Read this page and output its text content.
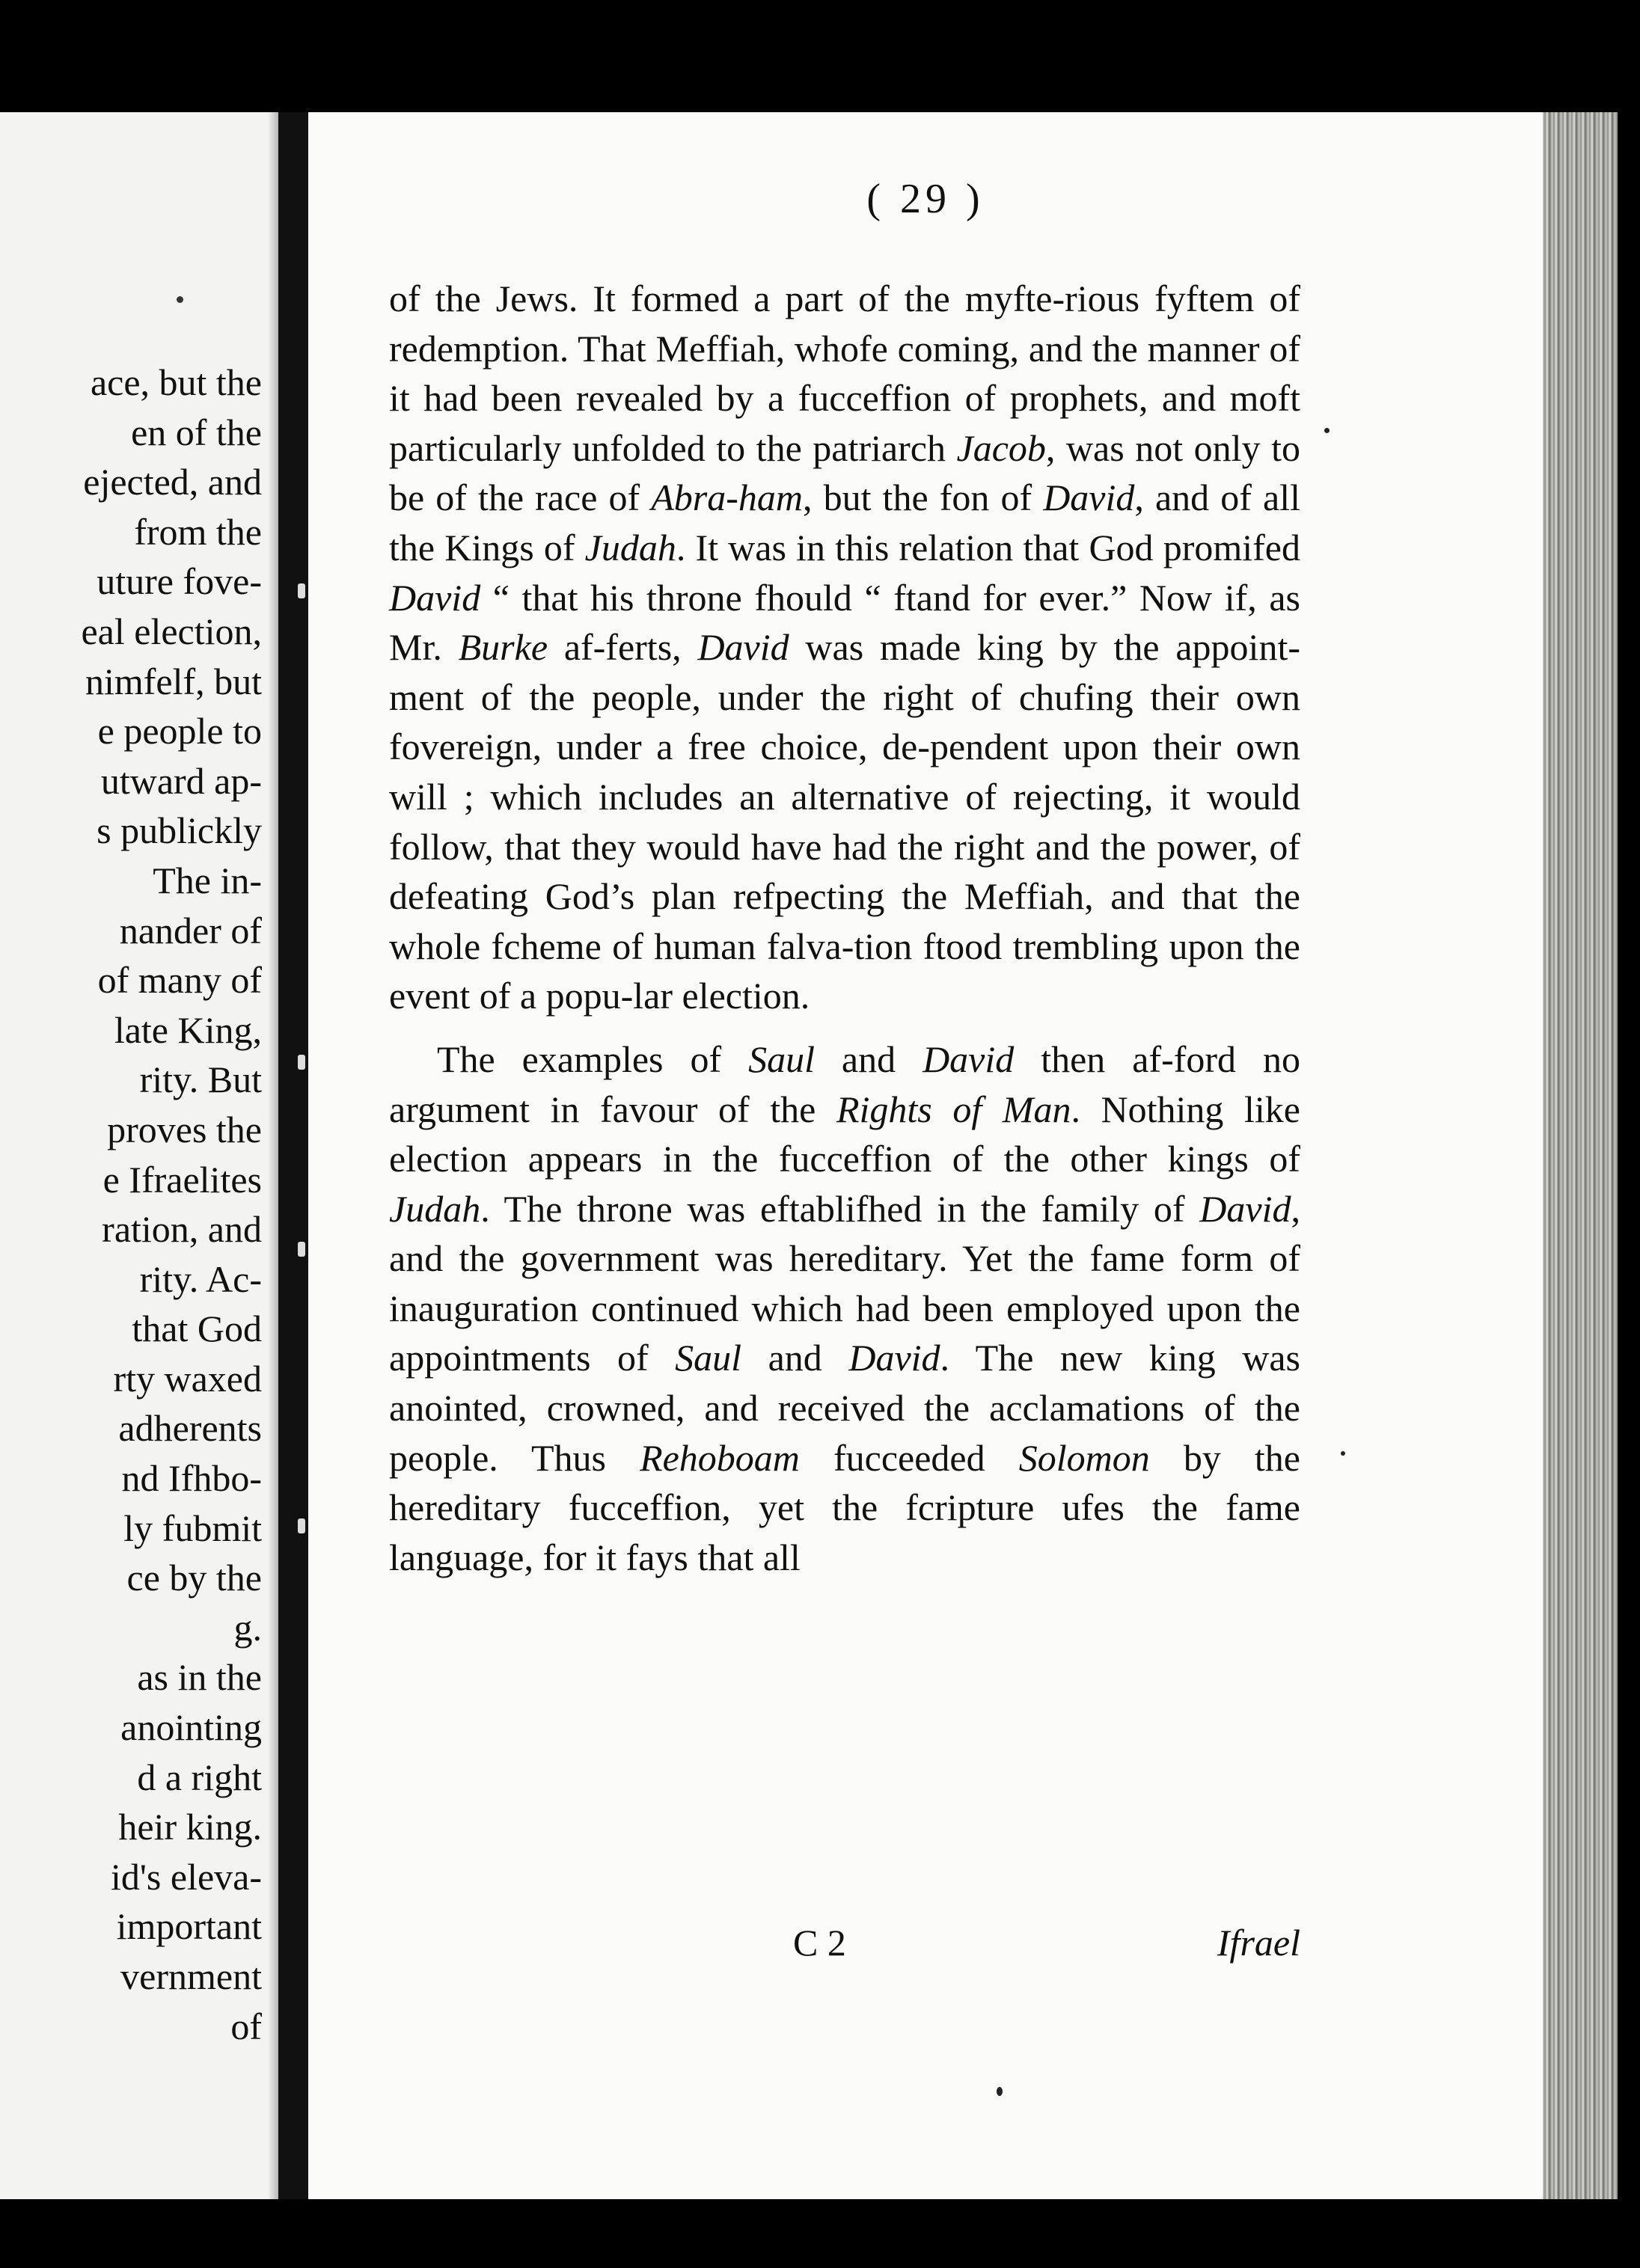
ace, but the
en of the
ejected, and
from the
uture fove-
eal election,
nimfelf, but
e people to
utward ap-
s publickly
The in-
nander of
of many of
late King,
rity. But
proves the
e Ifraelites
ration, and
rity. Ac-
that God
rty waxed
adherents
nd Ifhbo-
ly fubmit
ce by the
g.
as in the
anointing
d a right
heir king.
id's eleva-
important
vernment
of
( 29 )

of the Jews. It formed a part of the myfte-rious fyftem of redemption. That Meffiah, whofe coming, and the manner of it had been revealed by a fucceffion of prophets, and moft particularly unfolded to the patriarch Jacob, was not only to be of the race of Abra-ham, but the fon of David, and of all the Kings of Judah. It was in this relation that God promifed David “ that his throne fhould “ ftand for ever.” Now if, as Mr. Burke af-ferts, David was made king by the appoint-ment of the people, under the right of chufing their own fovereign, under a free choice, de-pendent upon their own will ; which includes an alternative of rejecting, it would follow, that they would have had the right and the power, of defeating God’s plan refpecting the Meffiah, and that the whole fcheme of human falva-tion ftood trembling upon the event of a popu-lar election.

The examples of Saul and David then af-ford no argument in favour of the Rights of Man. Nothing like election appears in the fucceffion of the other kings of Judah. The throne was eftablifhed in the family of David, and the government was hereditary. Yet the fame form of inauguration continued which had been employed upon the appointments of Saul and David. The new king was anointed, crowned, and received the acclamations of the people. Thus Rehoboam fucceeded Solomon by the hereditary fucceffion, yet the fcripture ufes the fame language, for it fays that all

C 2	Ifrael
